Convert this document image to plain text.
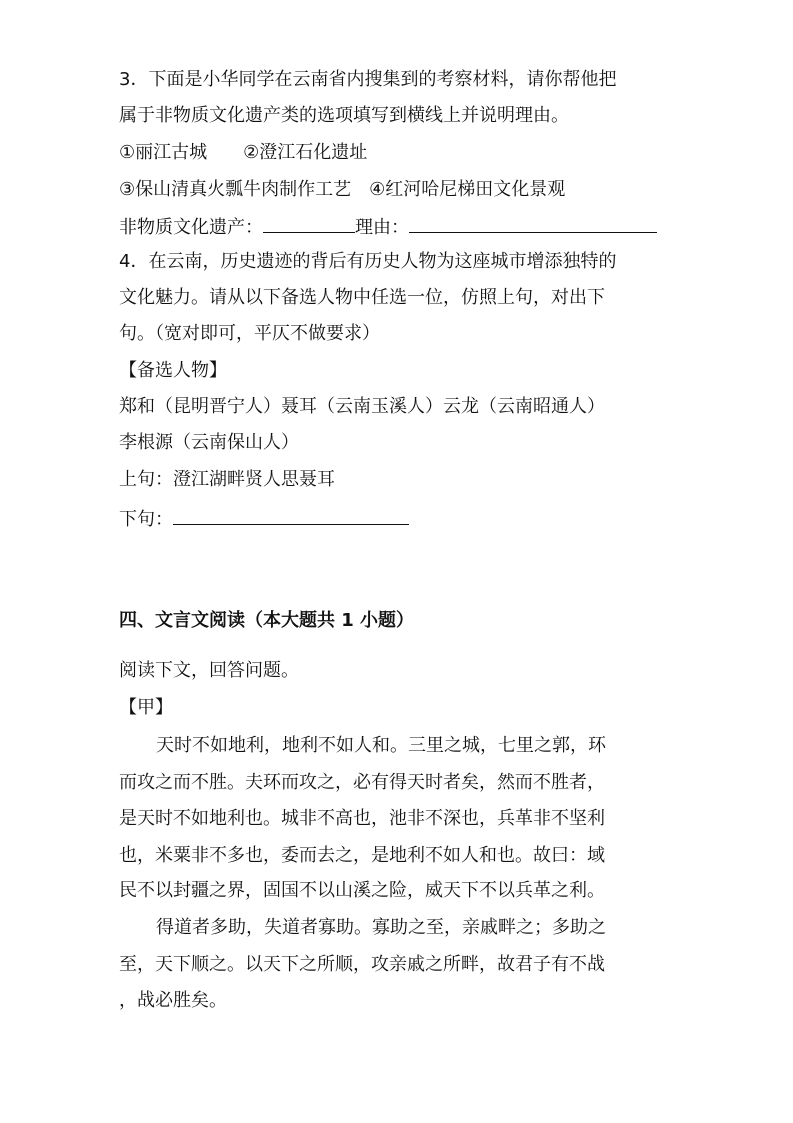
3．下面是小华同学在云南省内搜集到的考察材料，请你帮他把
属于非物质文化遗产类的选项填写到横线上并说明理由。
①丽江古城　　②澄江石化遗址
③保山清真火瓢牛肉制作工艺　④红河哈尼梯田文化景观
非物质文化遗产：	理由：
4．在云南，历史遗迹的背后有历史人物为这座城市增添独特的
文化魅力。请从以下备选人物中任选一位，仿照上句，对出下
句。（宽对即可，平仄不做要求）
【备选人物】
郑和（昆明晋宁人）聂耳（云南玉溪人）云龙（云南昭通人）
李根源（云南保山人）
上句：澄江湖畔贤人思聂耳
下句：
四、文言文阅读（本大题共 1 小题）
阅读下文，回答问题。
【甲】
天时不如地利，地利不如人和。三里之城，七里之郭，环
而攻之而不胜。夫环而攻之，必有得天时者矣，然而不胜者，
是天时不如地利也。城非不高也，池非不深也，兵革非不坚利
也，米粟非不多也，委而去之，是地利不如人和也。故曰：域
民不以封疆之界，固国不以山溪之险，威天下不以兵革之利。
得道者多助，失道者寡助。寡助之至，亲戚畔之；多助之
至，天下顺之。以天下之所顺，攻亲戚之所畔，故君子有不战
，战必胜矣。
